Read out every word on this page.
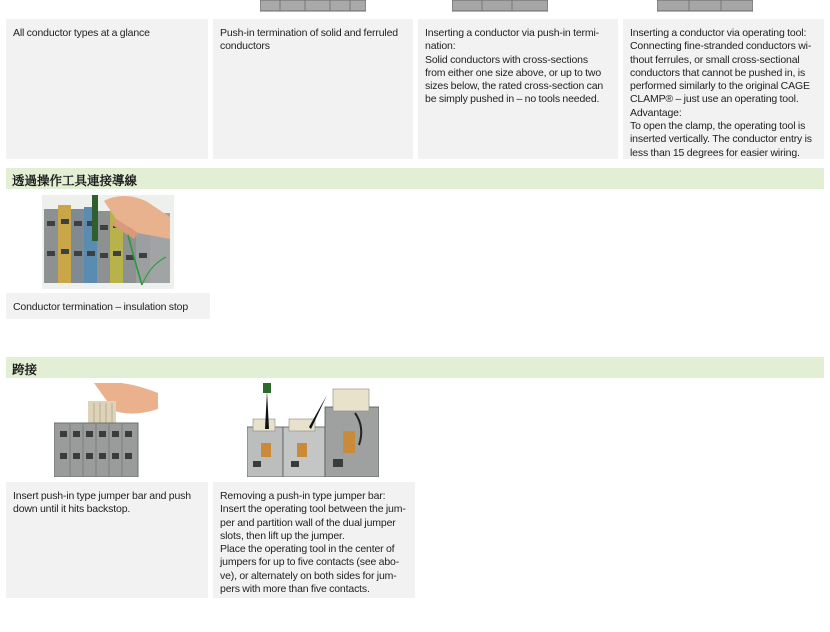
All conductor types at a glance	Push-in termination of solid and ferruled

conductors

Inserting a conductor via push-in termi-

nation:

Solid conductors with cross-sections

from either one size above, or up to two

sizes below, the rated cross-section can

be simply pushed in – no tools needed.

Inserting a conductor via operating tool:

Connecting fine-stranded conductors wi-

thout ferrules, or small cross-sectional

conductors that cannot be pushed in, is

performed similarly to the original CAGE

CLAMP® – just use an operating tool.

Advantage:

To open the clamp, the operating tool is

inserted vertically. The conductor entry is

less than 15 degrees for easier wiring.

透過操作工具連接導線

Conductor termination – insulation stop

跨接

Insert push-in type jumper bar and push

down until it hits backstop.

Removing a push-in type jumper bar:

Insert the operating tool between the jum-

per and partition wall of the dual jumper

slots, then lift up the jumper.

Place the operating tool in the center of

jumpers for up to five contacts (see abo-

ve), or alternately on both sides for jum-

pers with more than five contacts.
